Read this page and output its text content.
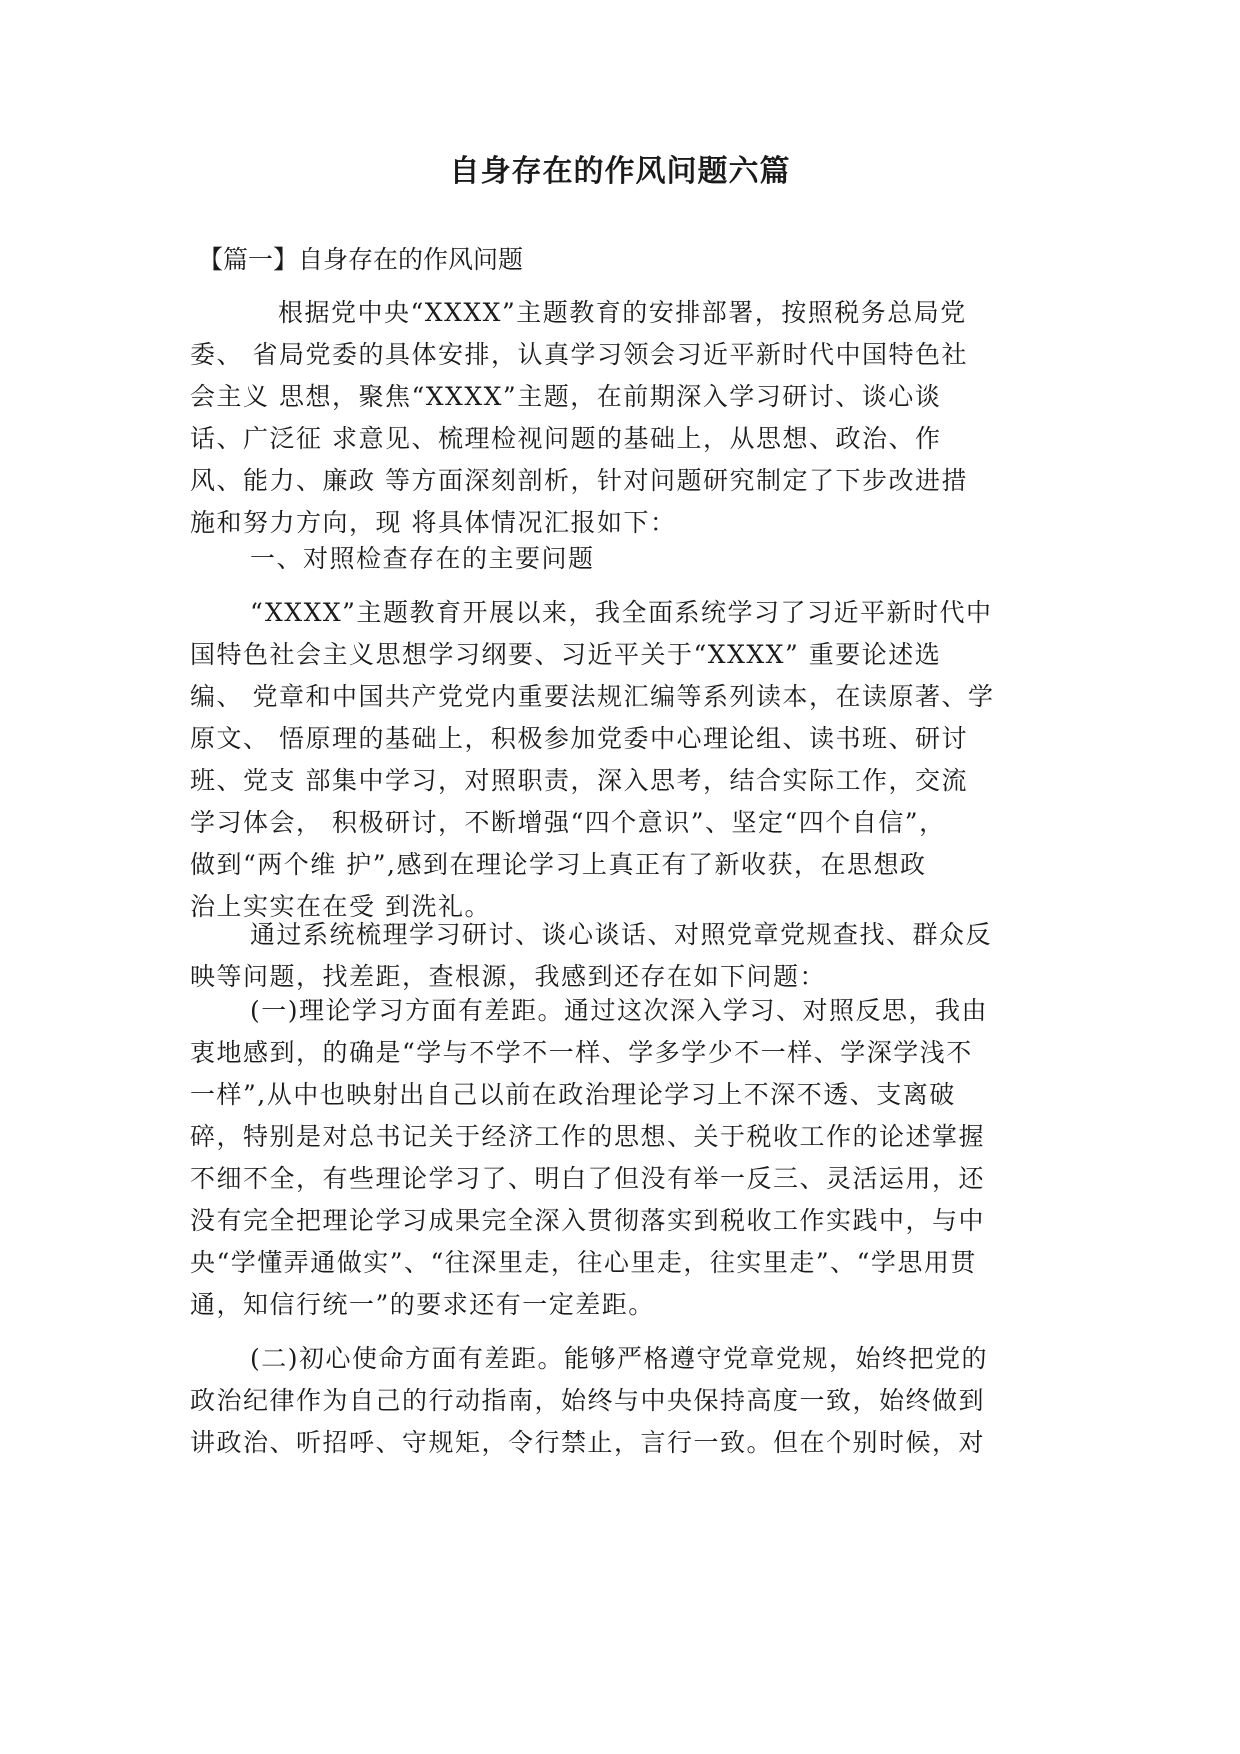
自身存在的作风问题六篇

【篇一】自身存在的作风问题

根据党中央“XXXX”主题教育的安排部署，按照税务总局党
委、 省局党委的具体安排，认真学习领会习近平新时代中国特色社
会主义 思想，聚焦“XXXX”主题，在前期深入学习研讨、谈心谈
话、广泛征 求意见、梳理检视问题的基础上，从思想、政治、作
风、能力、廉政 等方面深刻剖析，针对问题研究制定了下步改进措
施和努力方向，现 将具体情况汇报如下：
一、对照检查存在的主要问题
“XXXX”主题教育开展以来，我全面系统学习了习近平新时代中
国特色社会主义思想学习纲要、习近平关于“XXXX” 重要论述选
编、 党章和中国共产党党内重要法规汇编等系列读本，在读原著、学
原文、 悟原理的基础上，积极参加党委中心理论组、读书班、研讨
班、党支 部集中学习，对照职责，深入思考，结合实际工作，交流
学习体会， 积极研讨，不断增强“四个意识”、坚定“四个自信”，
做到“两个维 护”,感到在理论学习上真正有了新收获，在思想政
治上实实在在受 到洗礼。
通过系统梳理学习研讨、谈心谈话、对照党章党规查找、群众反
映等问题，找差距，查根源，我感到还存在如下问题：
(一)理论学习方面有差距。通过这次深入学习、对照反思，我由
衷地感到，的确是“学与不学不一样、学多学少不一样、学深学浅不
一样”,从中也映射出自己以前在政治理论学习上不深不透、支离破
碎，特别是对总书记关于经济工作的思想、关于税收工作的论述掌握
不细不全，有些理论学习了、明白了但没有举一反三、灵活运用，还
没有完全把理论学习成果完全深入贯彻落实到税收工作实践中，与中
央“学懂弄通做实”、“往深里走，往心里走，往实里走”、“学思用贯
通，知信行统一”的要求还有一定差距。
(二)初心使命方面有差距。能够严格遵守党章党规，始终把党的
政治纪律作为自己的行动指南，始终与中央保持高度一致，始终做到
讲政治、听招呼、守规矩，令行禁止，言行一致。但在个别时候，对
